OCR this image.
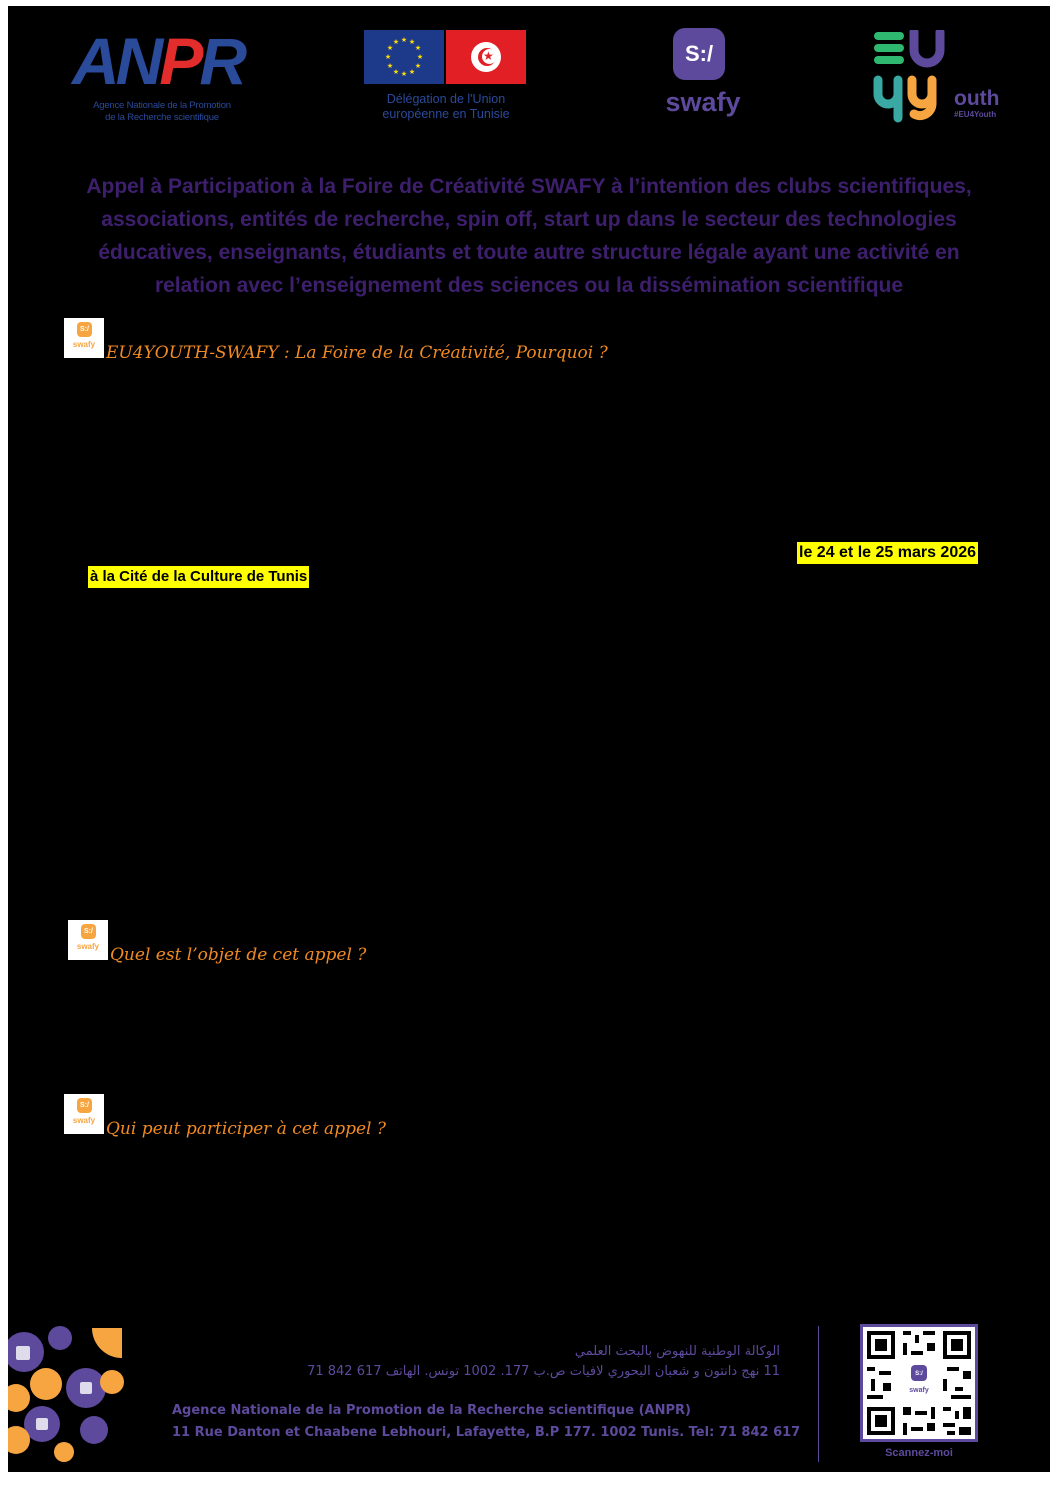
ANPR
Agence Nationale de la Promotion
de la Recherche scientifique
★ ★
★
★
★
★
★
★
★
★
★
★
★
Délégation de l'Union
européenne en Tunisie
S:/
swafy	outh
#EU4Youth
Appel à Participation à la Foire de Créativité SWAFY à l’intention des clubs scientifiques,
associations, entités de recherche, spin off, start up dans le secteur des technologies
éducatives, enseignants, étudiants et toute autre structure légale ayant une activité en
relation avec l’enseignement des sciences ou la dissémination scientifique
S:/
swafy EU4YOUTH-SWAFY : La Foire de la Créativité, Pourquoi ?
le 24 et le 25 mars 2026
à la Cité de la Culture de Tunis
S:/
swafy Quel est l’objet de cet appel ?
S:/
swafy Qui peut participer à cet appel ?
الوكالة الوطنية للنهوض بالبحث العلمي
11 نهج دانتون و شعبان البحوري لافيات ص.ب 177. 1002 تونس. الهاتف 617 842 71
Agence Nationale de la Promotion de la Recherche scientifique (ANPR)
11 Rue Danton et Chaabene Lebhouri, Lafayette, B.P 177. 1002 Tunis. Tel: 71 842 617
S:/
swafy
Scannez-moi
